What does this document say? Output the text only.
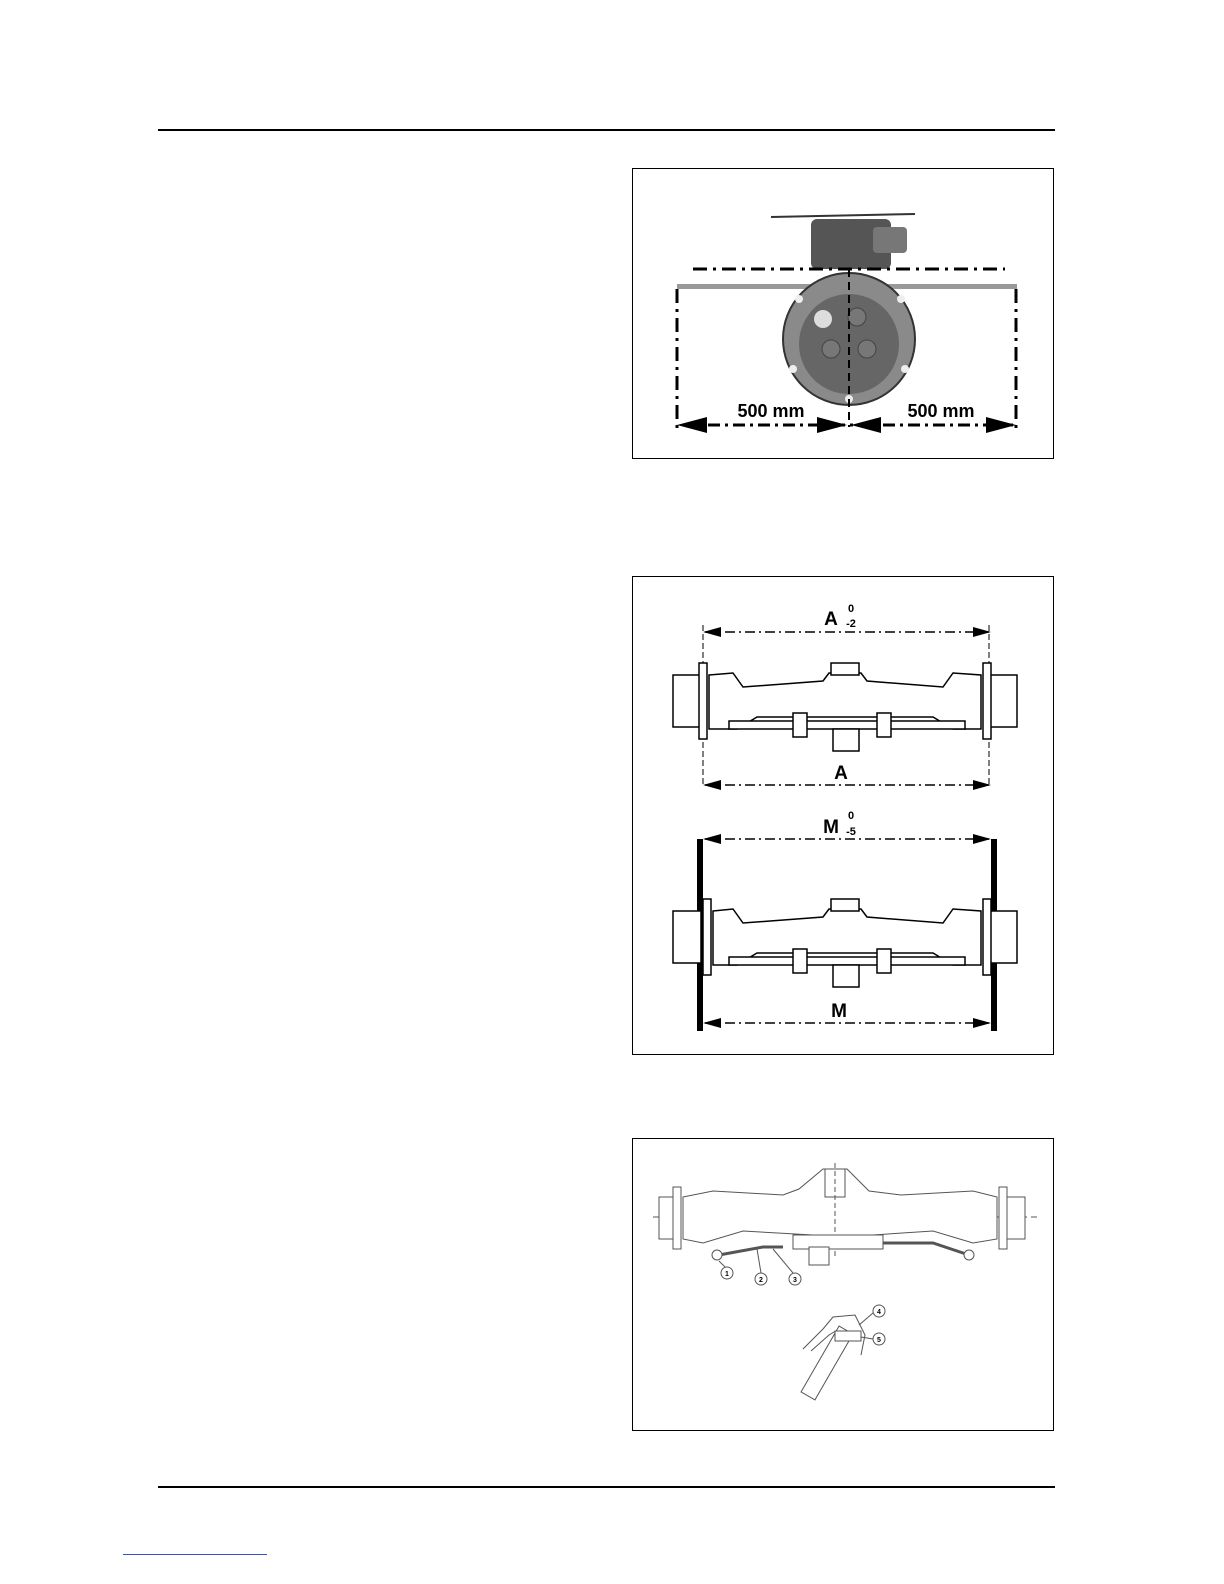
500 mm	500 mm
A 0
-2
A
M
0
-5
M
1
2	3
4
5
